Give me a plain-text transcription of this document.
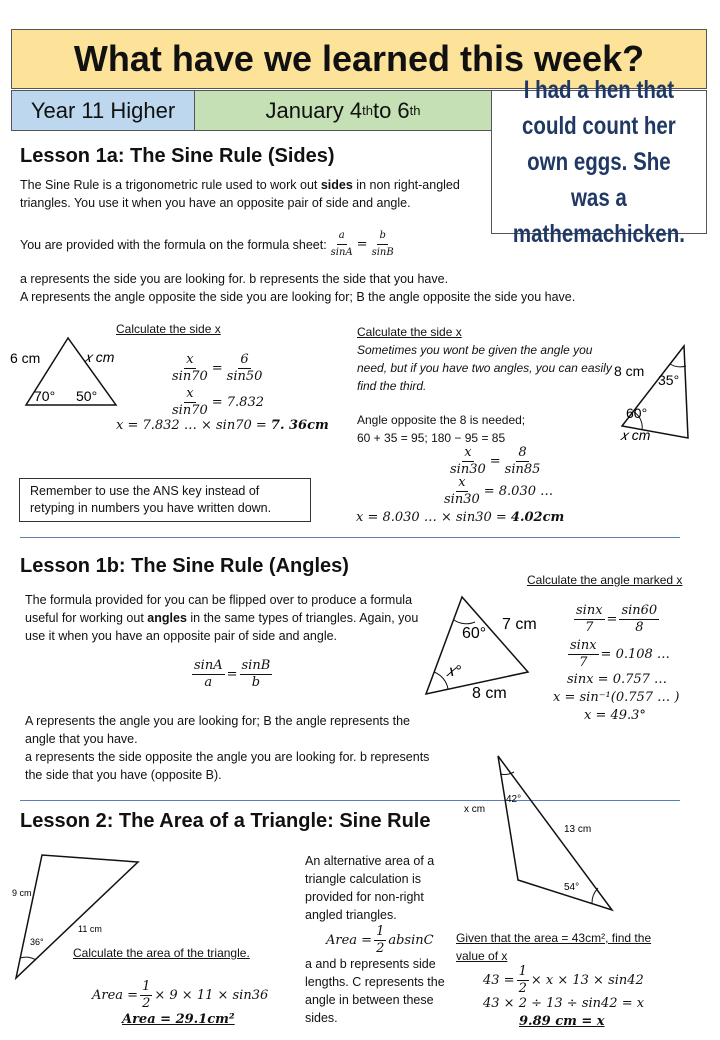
What have we learned this week?
Year 11 Higher	January 4 th to 6 th
I had a hen that could count her own eggs. She was a mathemachicken.
Lesson 1a: The Sine Rule (Sides)
The Sine Rule is a trigonometric rule used to work out sides in non right-angled triangles. You use it when you have an opposite pair of side and angle.
You are provided with the formula on the formula sheet: $\frac{a}{\sin A} = \frac{b}{\sin B}$
a represents the side you are looking for. b represents the side that you have.
A represents the angle opposite the side you are looking for; B the angle opposite the side you have.
Calculate the side x
6 cm	𝑥 cm
70° 50°
$\frac{x}{\sin 70} = \frac{6}{\sin 50}$
$\frac{x}{\sin 70} = 7.832$
x = 7.832 … × sin70 = 7. 36cm
Calculate the side x
Sometimes you wont be given the angle you need, but if you have two angles, you can easily find the third.
Angle opposite the 8 is needed;
60 + 35 = 95; 180 − 95 = 85
8 cm
35°
60°
𝑥 cm
$\frac{x}{\sin 30} = \frac{8}{\sin 85}$
$\frac{x}{\sin 30} = 8.030$ …
x = 8.030 … × sin30 = 4.02cm
Remember to use the ANS key instead of retyping in numbers you have written down.
Lesson 1b: The Sine Rule (Angles)
The formula provided for you can be flipped over to produce a formula useful for working out angles in the same types of triangles. Again, you use it when you have an opposite pair of side and angle.
$\frac{\sin A}{a} = \frac{\sin B}{b}$
A represents the angle you are looking for; B the angle represents the angle that you have.
a represents the side opposite the angle you are looking for. b represents the side that you have (opposite B).
Calculate the angle marked x
60°
7 cm
𝑥°
8 cm
$\frac{\sin x}{7} = \frac{\sin 60}{8}$
$\frac{\sin x}{7} = 0.108$ …
sinx = 0.757 …
x = sin⁻¹(0.757 … )
x = 49.3°
Lesson 2: The Area of a Triangle: Sine Rule
9 cm
11 cm
36°
Calculate the area of the triangle.
Area = $\frac{1}{2} \times 9 \times 11 \times \sin 36$
Area = 29.1cm²
An alternative area of a triangle calculation is provided for non-right angled triangles.
Area = $\frac{1}{2}$ absinC
a and b represents side lengths. C represents the angle in between these sides.
42°
x cm
13 cm
54°
Given that the area = 43cm², find the value of x
$43 = \frac{1}{2} \times x \times 13 \times \sin 42$
43 × 2 ÷ 13 ÷ sin42 = x
9.89 cm = x
